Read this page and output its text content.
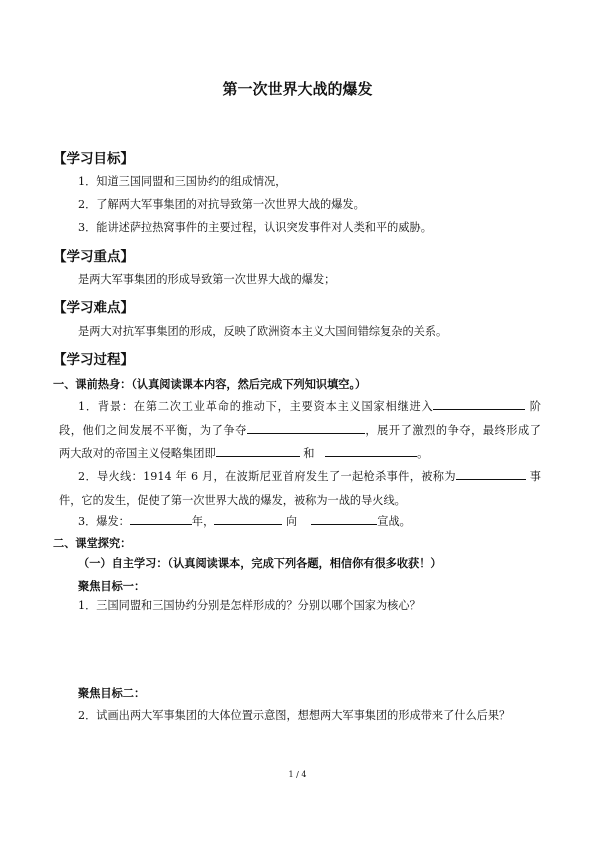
第一次世界大战的爆发
【学习目标】
1．知道三国同盟和三国协约的组成情况，
2．了解两大军事集团的对抗导致第一次世界大战的爆发。
3．能讲述萨拉热窝事件的主要过程，认识突发事件对人类和平的威胁。
【学习重点】
是两大军事集团的形成导致第一次世界大战的爆发；
【学习难点】
是两大对抗军事集团的形成，反映了欧洲资本主义大国间错综复杂的关系。
【学习过程】
一、课前热身：（认真阅读课本内容，然后完成下列知识填空。）
1．背景：在第二次工业革命的推动下，主要资本主义国家相继进入	阶
段，他们之间发展不平衡，为了争夺	，展开了激烈的争夺，最终形成了
两大敌对的帝国主义侵略集团即	和	。
2．导火线：1914 年 6 月，在波斯尼亚首府发生了一起枪杀事件，被称为	事
件，它的发生，促使了第一次世界大战的爆发，被称为一战的导火线。
3．爆发：	年，	向	宣战。
二、课堂探究：
（一）自主学习：（认真阅读课本，完成下列各题，相信你有很多收获！）
聚焦目标一：
1．三国同盟和三国协约分别是怎样形成的？分别以哪个国家为核心？
聚焦目标二：
2．试画出两大军事集团的大体位置示意图，想想两大军事集团的形成带来了什么后果？
1 / 4
